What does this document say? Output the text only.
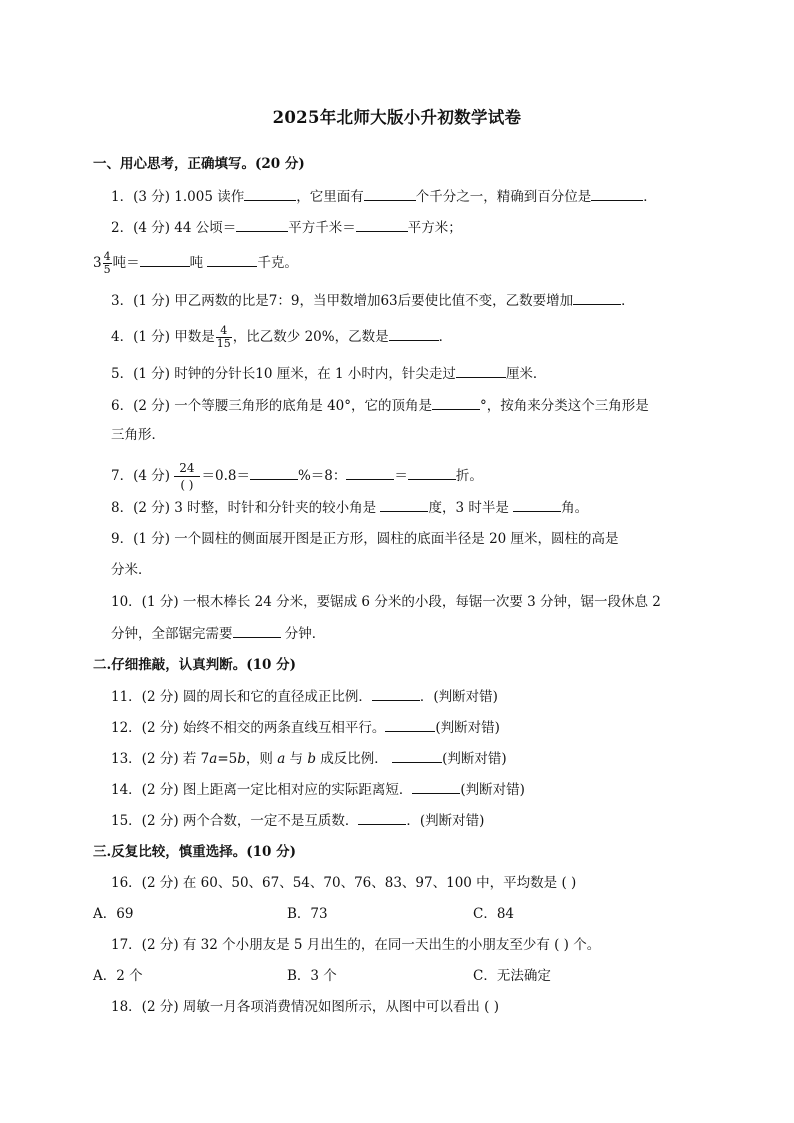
2025年北师大版小升初数学试卷
一、用心思考，正确填写。(20 分)
1．(3 分) 1.005 读作	，它里面有	个千分之一，精确到百分位是	．
2．(4 分) 44 公顷＝	平方千米＝	平方米；
$3 \frac{4}{5}$ 吨＝	吨	千克。
3．(1 分) 甲乙两数的比是7：9，当甲数增加63后要使比值不变，乙数要增加	．
4．(1 分) 甲数是 $\frac{4}{15}$ ，比乙数少 20%，乙数是	．
5．(1 分) 时钟的分针长10 厘米，在 1 小时内，针尖走过	厘米．
6．(2 分) 一个等腰三角形的底角是 40°，它的顶角是	°，按角来分类这个三角形是
三角形．
7．(4 分) $\frac{24}{( )} =0.8=$	%＝8：	＝	折。
8．(2 分) 3 时整，时针和分针夹的较小角是	度，3 时半是	角。
9．(1 分) 一个圆柱的侧面展开图是正方形，圆柱的底面半径是 20 厘米，圆柱的高是
分米．
10．(1 分) 一根木棒长 24 分米，要锯成 6 分米的小段，每锯一次要 3 分钟，锯一段休息 2
分钟，全部锯完需要	分钟．
二.仔细推敲，认真判断。(10 分)
11．(2 分) 圆的周长和它的直径成正比例．	．(判断对错)
12．(2 分) 始终不相交的两条直线互相平行。	(判断对错)
13．(2 分) 若 7a=5b，则 a 与 b 成反比例．	(判断对错)
14．(2 分) 图上距离一定比相对应的实际距离短．	(判断对错)
15．(2 分) 两个合数，一定不是互质数．	．(判断对错)
三.反复比较，慎重选择。(10 分)
16．(2 分) 在 60、50、67、54、70、76、83、97、100 中，平均数是 ( )
A．69	B．73	C．84
17．(2 分) 有 32 个小朋友是 5 月出生的，在同一天出生的小朋友至少有 ( ) 个。
A．2 个	B．3 个	C．无法确定
18．(2 分) 周敏一月各项消费情况如图所示，从图中可以看出 ( )
